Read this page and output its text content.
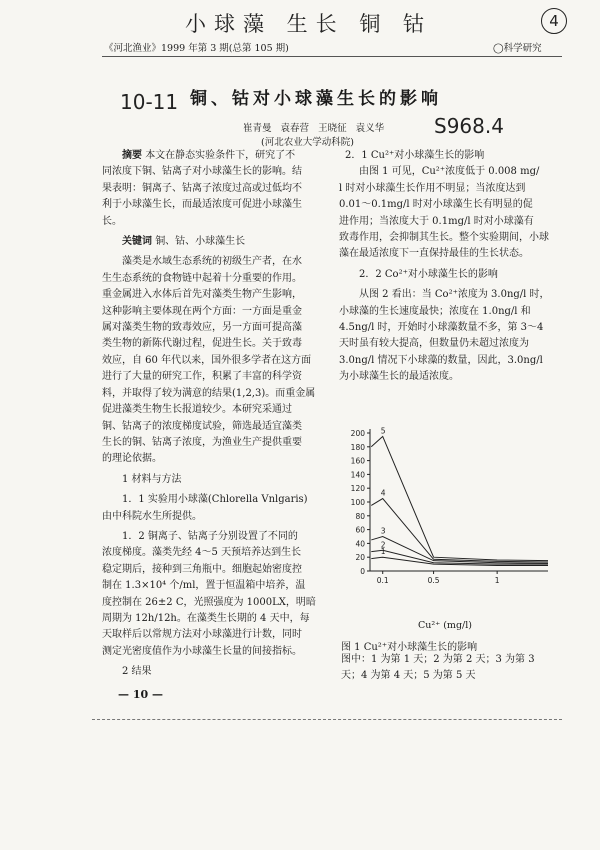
小球藻 生长 铜 钴	4
《河北渔业》1999 年第 3 期(总第 105 期)	◯科学研究
10-11 铜、钴对小球藻生长的影响
S968.4
崔青曼   袁春营   王晓征   袁义华
(河北农业大学动科院)
摘要 本文在静态实验条件下，研究了不
同浓度下铜、钴离子对小球藻生长的影响。结
果表明：铜离子、钴离子浓度过高或过低均不
利于小球藻生长，而最适浓度可促进小球藻生
长。
关键词 铜、钴、小球藻生长
藻类是水域生态系统的初级生产者，在水
生生态系统的食物链中起着十分重要的作用。
重金属进入水体后首先对藻类生物产生影响，
这种影响主要体现在两个方面：一方面是重金
属对藻类生物的致毒效应，另一方面可提高藻
类生物的新陈代谢过程，促进生长。关于致毒
效应，自 60 年代以来，国外很多学者在这方面
进行了大量的研究工作，积累了丰富的科学资
料，并取得了较为满意的结果(1,2,3)。而重金属
促进藻类生物生长报道较少。本研究采通过
铜、钴离子的浓度梯度试验，筛选最适宜藻类
生长的铜、钴离子浓度，为渔业生产提供重要
的理论依据。
1 材料与方法
1．1 实验用小球藻(Chlorella Vnlgaris)
由中科院水生所提供。
1．2 铜离子、钴离子分别设置了不同的
浓度梯度。藻类先经 4～5 天预培养达到生长
稳定期后，接种到三角瓶中。细胞起始密度控
制在 1.3×10⁴ 个/ml，置于恒温箱中培养，温
度控制在 26±2 C，光照强度为 1000LX，明暗
周期为 12h/12h。在藻类生长期的 4 天中，每
天取样后以常规方法对小球藻进行计数，同时
测定光密度值作为小球藻生长量的间接指标。
2 结果
— 10 —
2．1 Cu²⁺对小球藻生长的影响
由图 1 可见，Cu²⁺浓度低于 0.008 mg/
l 时对小球藻生长作用不明显；当浓度达到
0.01～0.1mg/l 时对小球藻生长有明显的促
进作用；当浓度大于 0.1mg/l 时对小球藻有
致毒作用，会抑制其生长。整个实验期间，小球
藻在最适浓度下一直保持最佳的生长状态。
2．2 Co²⁺对小球藻生长的影响
从图 2 看出：当 Co²⁺浓度为 3.0ng/l 时，
小球藻的生长速度最快；浓度在 1.0ng/l 和
4.5ng/l 时，开始时小球藻数量不多，第 3～4
天时虽有较大提高，但数量仍未超过浓度为
3.0ng/l 情况下小球藻的数量，因此，3.0ng/l
为小球藻生长的最适浓度。
0
20
40
60
80
100
120
140
160
180
200
0.1	0.5	1
1
2
3
4
5
Cu²⁺ (mg/l)
图 1 Cu²⁺对小球藻生长的影响
图中：1 为第 1 天；2 为第 2 天；3 为第 3
天；4 为第 4 天；5 为第 5 天
